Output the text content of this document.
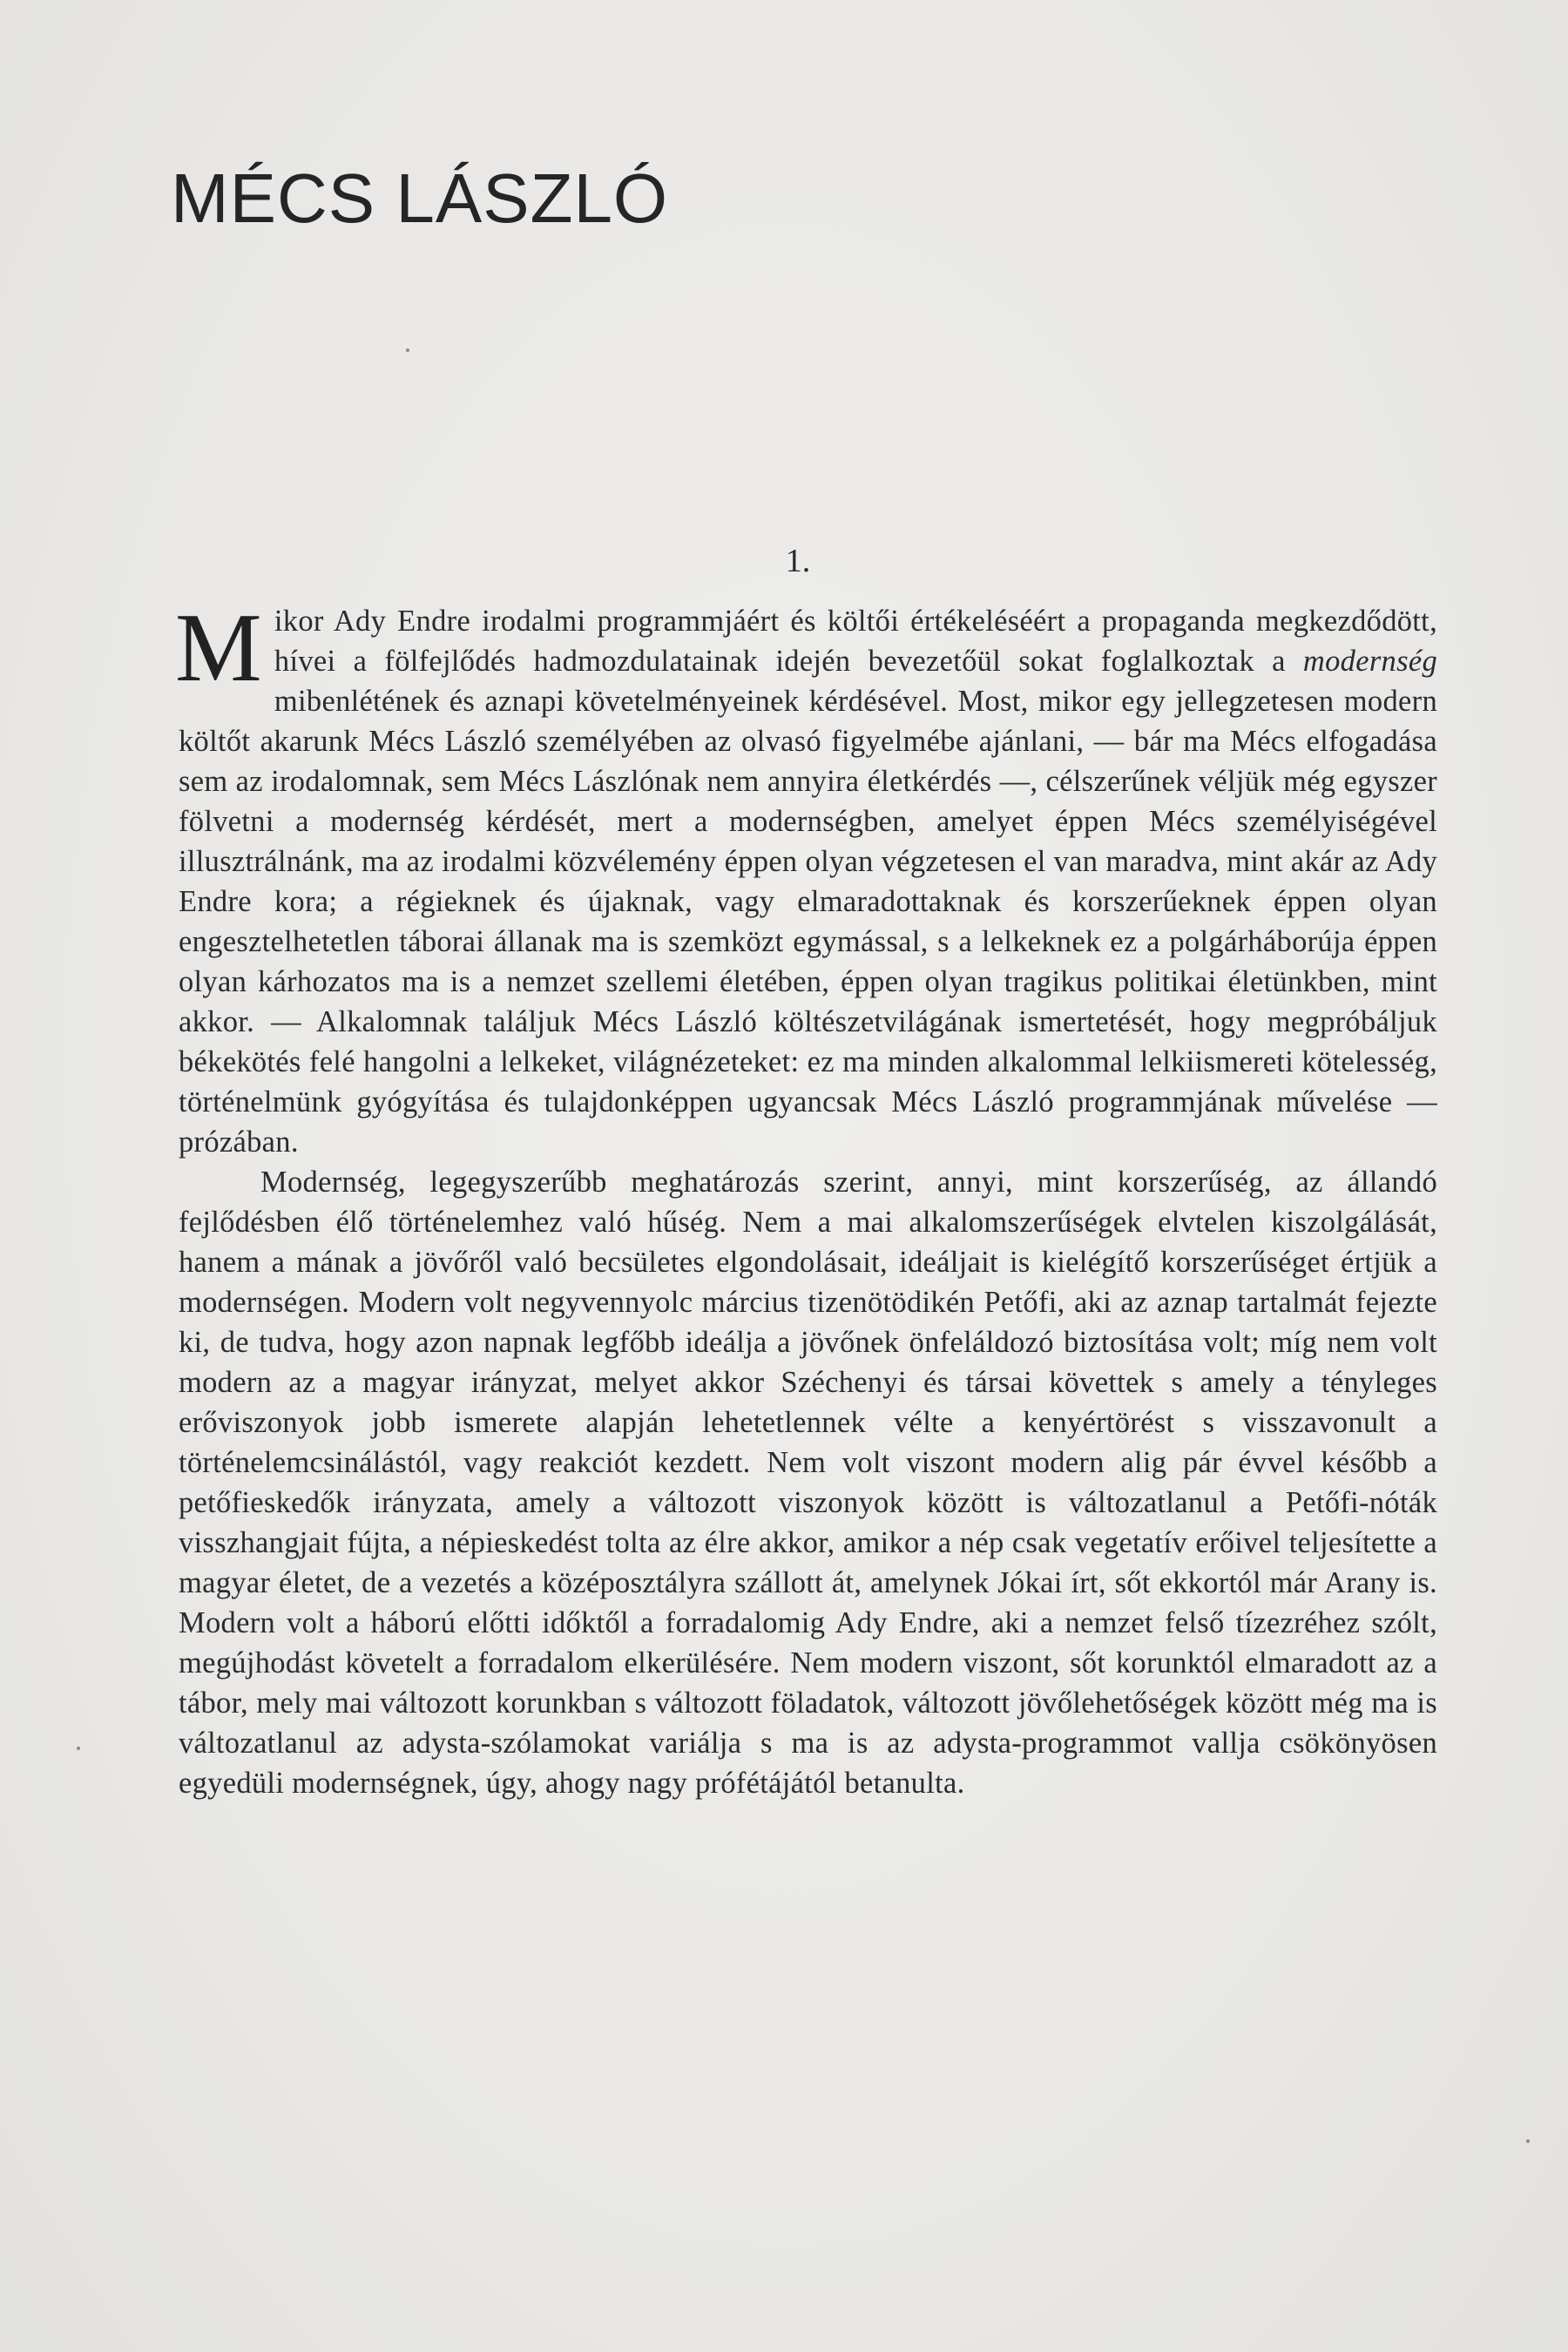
MÉCS LÁSZLÓ
1.

Mikor Ady Endre irodalmi programmjáért és költői értékeléséért a propaganda megkezdődött, hívei a fölfejlődés hadmozdulatainak idején bevezetőül sokat foglalkoztak a modernség mibenlétének és aznapi követelményeinek kérdésével. Most, mikor egy jellegzetesen modern költőt akarunk Mécs László személyében az olvasó figyelmébe ajánlani, — bár ma Mécs elfogadása sem az irodalomnak, sem Mécs Lászlónak nem annyira életkérdés —, célszerűnek véljük még egyszer fölvetni a modernség kérdését, mert a modernségben, amelyet éppen Mécs személyiségével illusztrálnánk, ma az irodalmi közvélemény éppen olyan végzetesen el van maradva, mint akár az Ady Endre kora; a régieknek és újaknak, vagy elmaradottaknak és korszerűeknek éppen olyan engesztelhetetlen táborai állanak ma is szemközt egymással, s a lelkeknek ez a polgárháborúja éppen olyan kárhozatos ma is a nemzet szellemi életében, éppen olyan tragikus politikai életünkben, mint akkor. — Alkalomnak találjuk Mécs László költészetvilágának ismertetését, hogy megpróbáljuk békekötés felé hangolni a lelkeket, világnézeteket: ez ma minden alkalommal lelkiismereti kötelesség, történelmünk gyógyítása és tulajdonképpen ugyancsak Mécs László programmjának művelése — prózában.

Modernség, legegyszerűbb meghatározás szerint, annyi, mint korszerűség, az állandó fejlődésben élő történelemhez való hűség. Nem a mai alkalomszerűségek elvtelen kiszolgálását, hanem a mának a jövőről való becsületes elgondolásait, ideáljait is kielégítő korszerűséget értjük a modernségen. Modern volt negyvennyolc március tizenötödikén Petőfi, aki az aznap tartalmát fejezte ki, de tudva, hogy azon napnak legfőbb ideálja a jövőnek önfeláldozó biztosítása volt; míg nem volt modern az a magyar irányzat, melyet akkor Széchenyi és társai követtek s amely a tényleges erőviszonyok jobb ismerete alapján lehetetlennek vélte a kenyértörést s visszavonult a történelemcsinálástól, vagy reakciót kezdett. Nem volt viszont modern alig pár évvel később a petőfieskedők irányzata, amely a változott viszonyok között is változatlanul a Petőfi-nóták visszhangjait fújta, a népieskedést tolta az élre akkor, amikor a nép csak vegetatív erőivel teljesítette a magyar életet, de a vezetés a középosztályra szállott át, amelynek Jókai írt, sőt ekkortól már Arany is. Modern volt a háború előtti időktől a forradalomig Ady Endre, aki a nemzet felső tízezréhez szólt, megújhodást követelt a forradalom elkerülésére. Nem modern viszont, sőt korunktól elmaradott az a tábor, mely mai változott korunkban s változott föladatok, változott jövőlehetőségek között még ma is változatlanul az adysta-szólamokat variálja s ma is az adysta-programmot vallja csökönyösen egyedüli modernségnek, úgy, ahogy nagy prófétájától betanulta.
